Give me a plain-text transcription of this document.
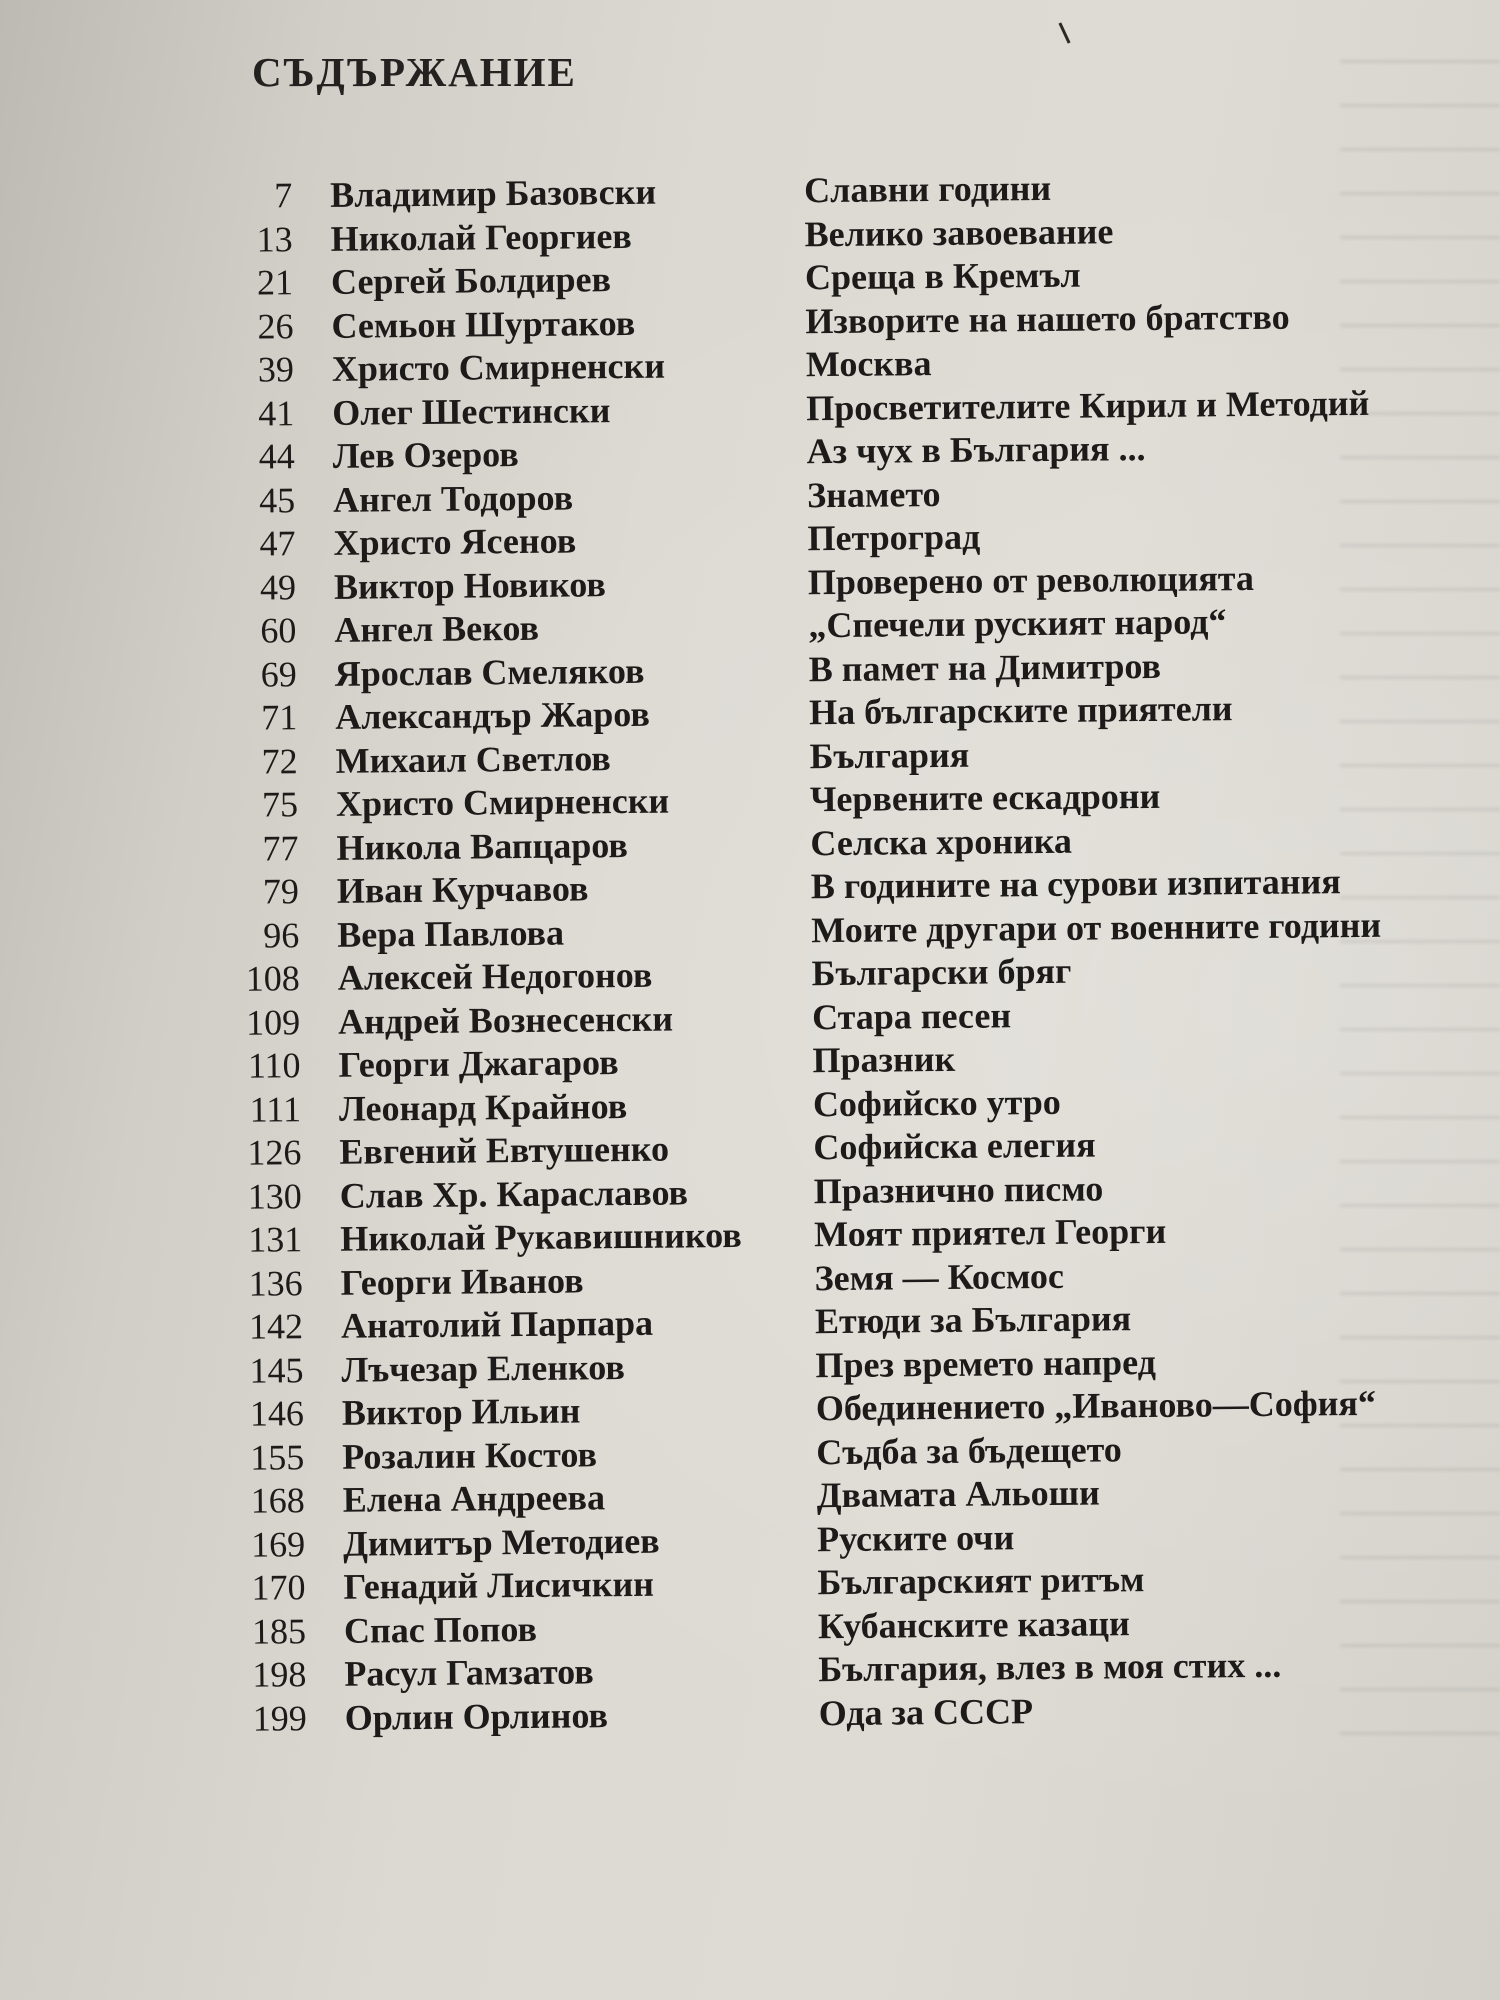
СЪДЪРЖАНИЕ
7	Владимир Базовски	Славни години
13	Николай Георгиев	Велико завоевание
21	Сергей Болдирев	Среща в Кремъл
26	Семьон Шуртаков	Изворите на нашето братство
39	Христо Смирненски	Москва
41	Олег Шестински	Просветителите Кирил и Методий
44	Лев Озеров	Аз чух в България ...
45	Ангел Тодоров	Знамето
47	Христо Ясенов	Петроград
49	Виктор Новиков	Проверено от революцията
60	Ангел Веков	„Спечели руският народ“
69	Ярослав Смеляков	В памет на Димитров
71	Александър Жаров	На българските приятели
72	Михаил Светлов	България
75	Христо Смирненски	Червените ескадрони
77	Никола Вапцаров	Селска хроника
79	Иван Курчавов	В годините на сурови изпитания
96	Вера Павлова	Моите другари от военните години
108	Алексей Недогонов	Български бряг
109	Андрей Вознесенски	Стара песен
110	Георги Джагаров	Празник
111	Леонард Крайнов	Софийско утро
126	Евгений Евтушенко	Софийска елегия
130	Слав Хр. Караславов	Празнично писмо
131	Николай Рукавишников	Моят приятел Георги
136	Георги Иванов	Земя — Космос
142	Анатолий Парпара	Етюди за България
145	Лъчезар Еленков	През времето напред
146	Виктор Ильин	Обединението „Иваново—София“
155	Розалин Костов	Съдба за бъдещето
168	Елена Андреева	Двамата Альоши
169	Димитър Методиев	Руските очи
170	Генадий Лисичкин	Българският ритъм
185	Спас Попов	Кубанските казаци
198	Расул Гамзатов	България, влез в моя стих ...
199	Орлин Орлинов	Ода за СССР
